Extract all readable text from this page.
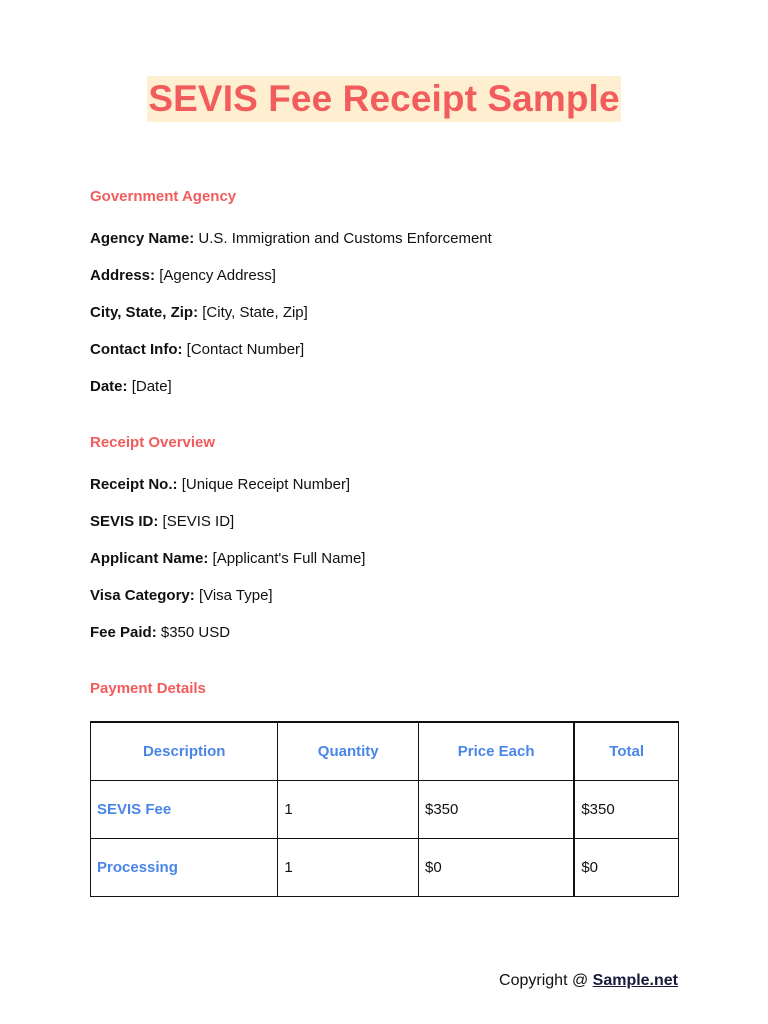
SEVIS Fee Receipt Sample
Government Agency
Agency Name: U.S. Immigration and Customs Enforcement
Address: [Agency Address]
City, State, Zip: [City, State, Zip]
Contact Info: [Contact Number]
Date: [Date]
Receipt Overview
Receipt No.: [Unique Receipt Number]
SEVIS ID: [SEVIS ID]
Applicant Name: [Applicant's Full Name]
Visa Category: [Visa Type]
Fee Paid: $350 USD
Payment Details
Description	Quantity	Price Each	Total
SEVIS Fee	1	$350	$350
Processing	1	$0	$0
Copyright @ Sample.net
